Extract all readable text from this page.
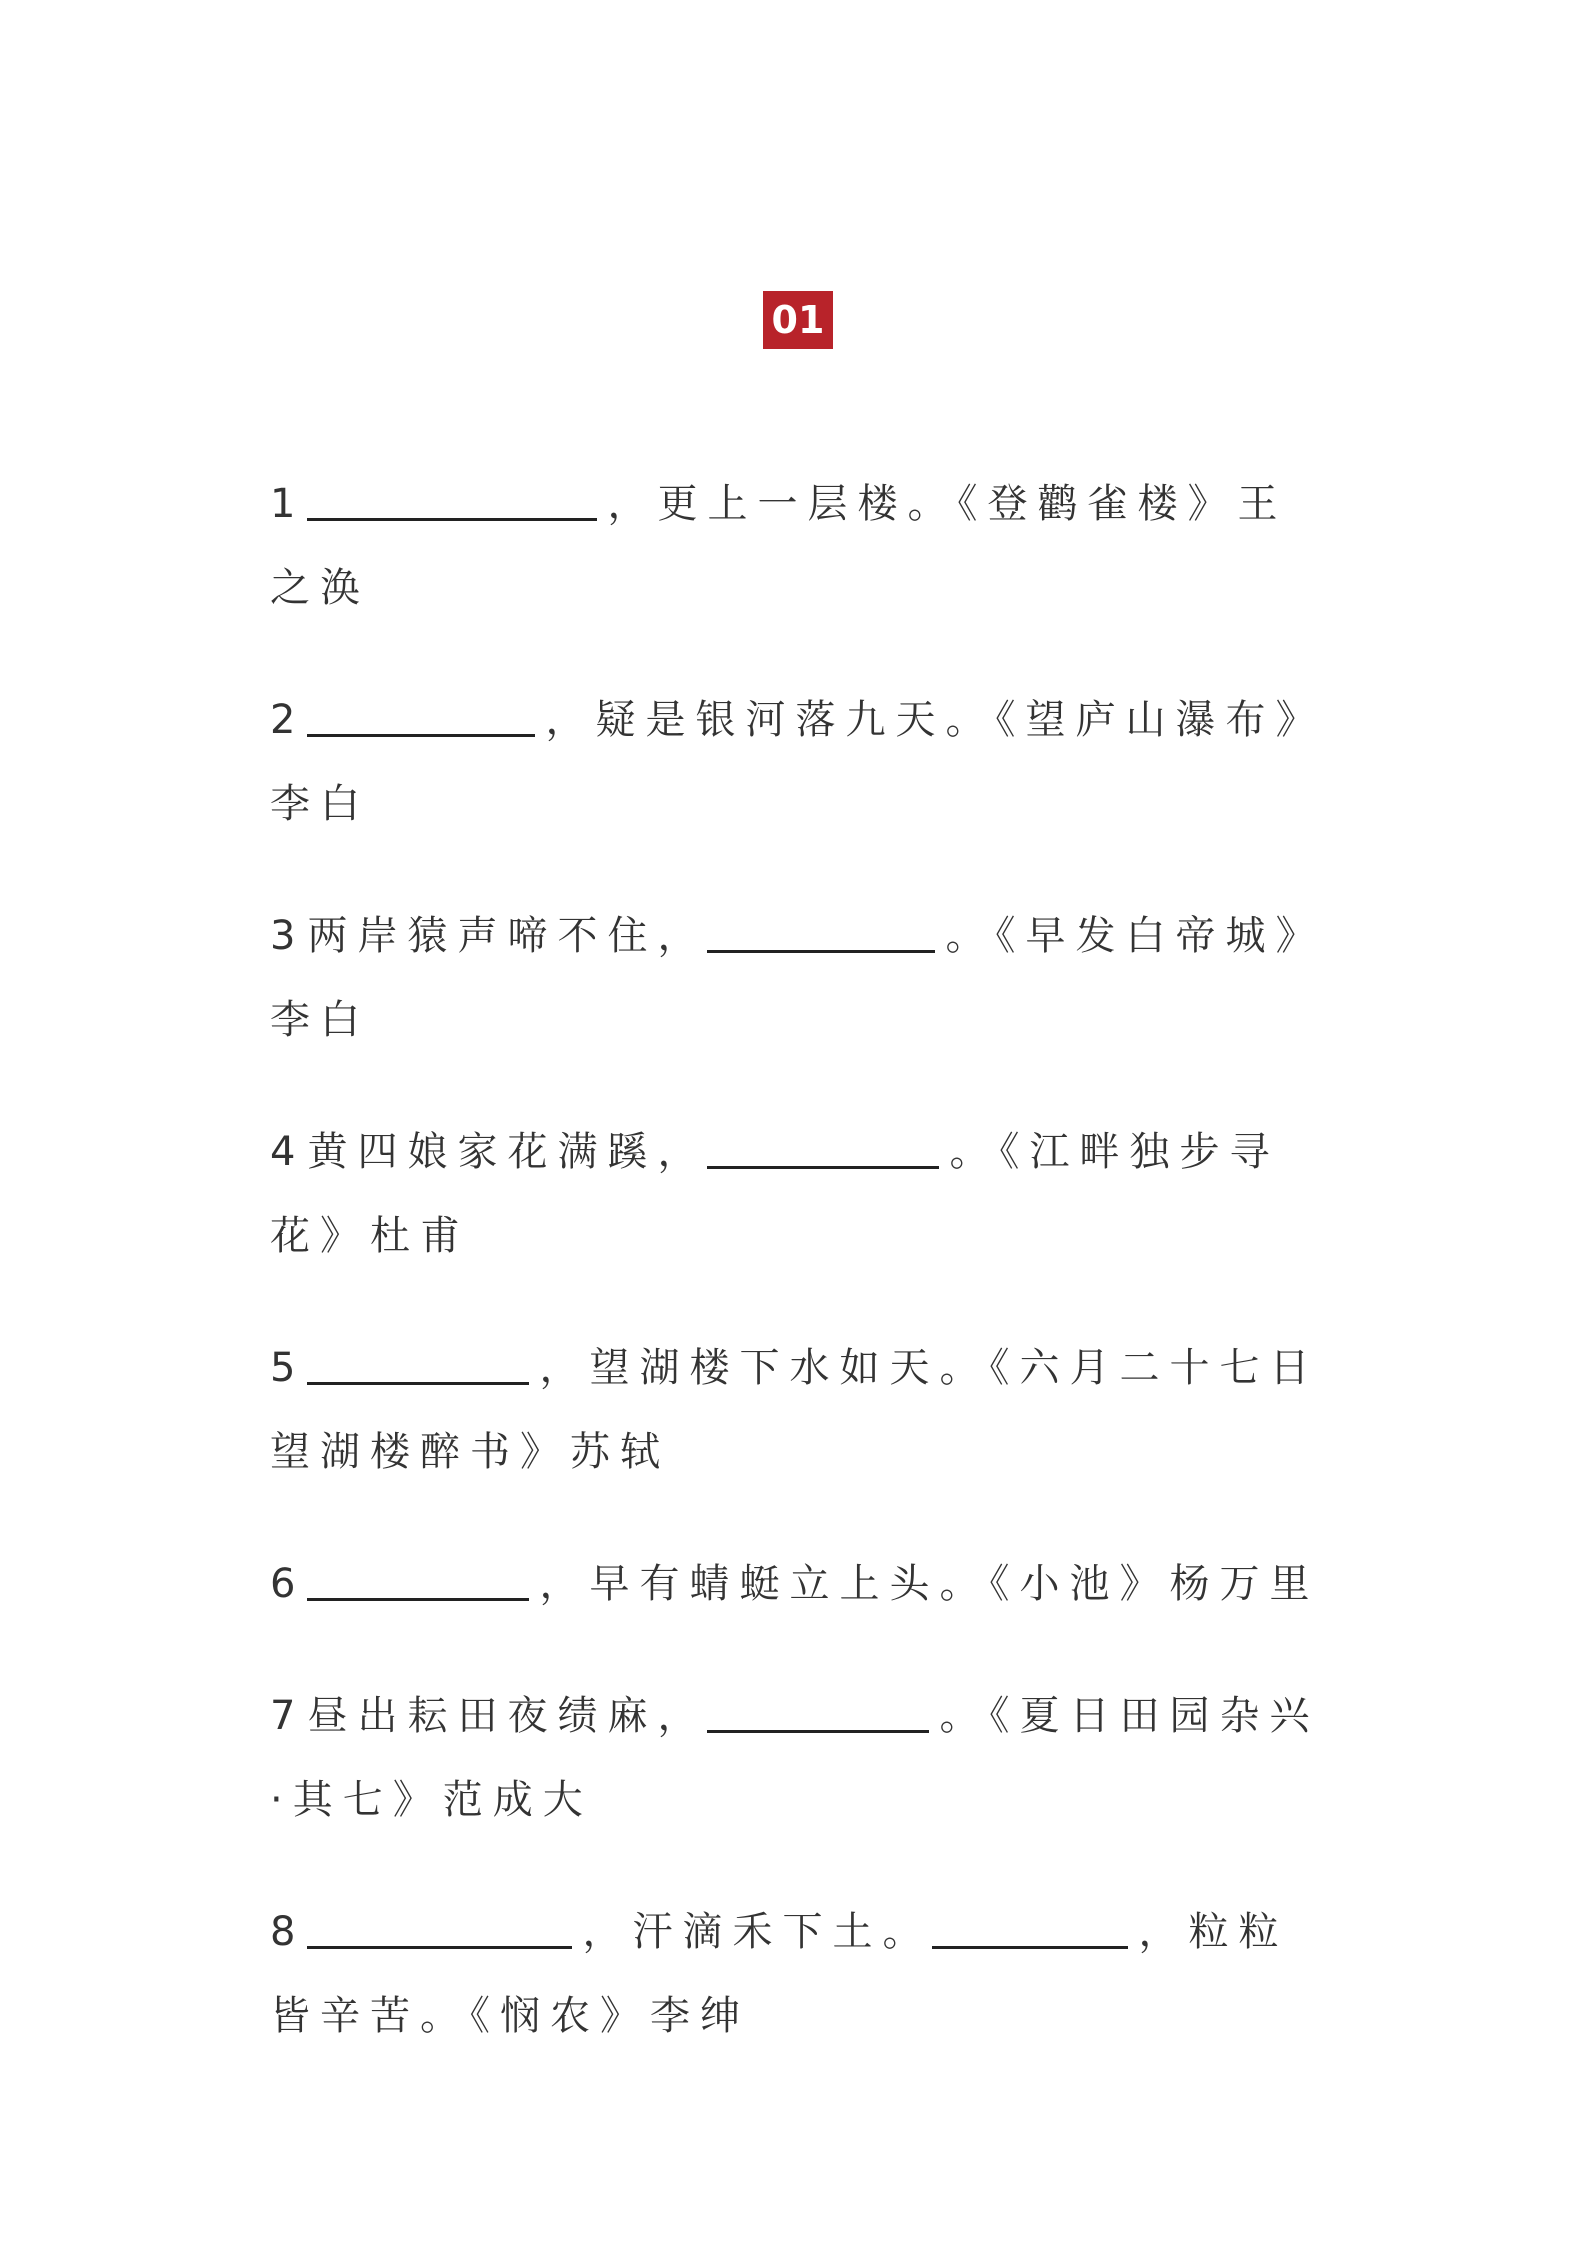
01
1	，更上一层楼。《登鹳雀楼》王之涣
2	，疑是银河落九天。《望庐山瀑布》李白
3 两岸猿声啼不住，	。《早发白帝城》李白
4 黄四娘家花满蹊，	。《江畔独步寻花》杜甫
5	，望湖楼下水如天。《六月二十七日望湖楼醉书》苏轼
6	，早有蜻蜓立上头。《小池》杨万里
7 昼出耘田夜绩麻，	。《夏日田园杂兴·其七》范成大
8	，汗滴禾下土。	，粒粒皆辛苦。《悯农》李绅
